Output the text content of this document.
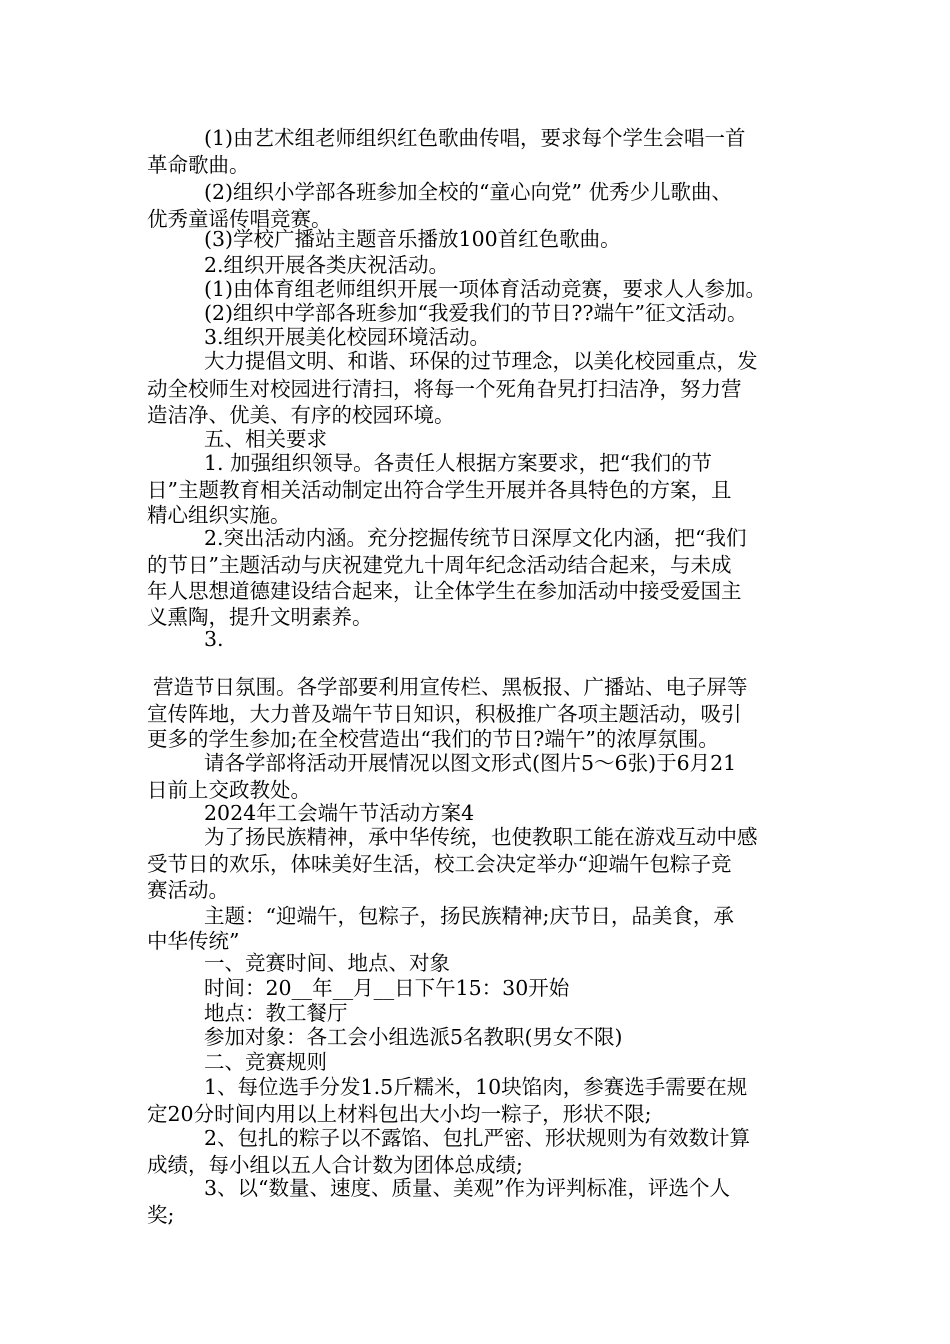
(1)由艺术组老师组织红色歌曲传唱，要求每个学生会唱一首
革命歌曲。
(2)组织小学部各班参加全校的“童心向党” 优秀少儿歌曲、
优秀童谣传唱竞赛。
(3)学校广播站主题音乐播放100首红色歌曲。
2.组织开展各类庆祝活动。
(1)由体育组老师组织开展一项体育活动竞赛，要求人人参加。
(2)组织中学部各班参加“我爱我们的节日??端午”征文活动。
3.组织开展美化校园环境活动。
大力提倡文明、和谐、环保的过节理念，以美化校园重点，发
动全校师生对校园进行清扫，将每一个死角旮旯打扫洁净，努力营
造洁净、优美、有序的校园环境。
五、相关要求
1. 加强组织领导。各责任人根据方案要求，把“我们的节
日”主题教育相关活动制定出符合学生开展并各具特色的方案，且
精心组织实施。
2.突出活动内涵。充分挖掘传统节日深厚文化内涵，把“我们
的节日”主题活动与庆祝建党九十周年纪念活动结合起来，与未成
年人思想道德建设结合起来，让全体学生在参加活动中接受爱国主
义熏陶，提升文明素养。
3.
营造节日氛围。各学部要利用宣传栏、黑板报、广播站、电子屏等
宣传阵地，大力普及端午节日知识，积极推广各项主题活动，吸引
更多的学生参加;在全校营造出“我们的节日?端午”的浓厚氛围。
请各学部将活动开展情况以图文形式(图片5～6张)于6月21
日前上交政教处。
2024年工会端午节活动方案4
为了扬民族精神，承中华传统，也使教职工能在游戏互动中感
受节日的欢乐，体味美好生活，校工会决定举办“迎端午包粽子竞
赛活动。
主题：“迎端午，包粽子，扬民族精神;庆节日，品美食，承
中华传统”
一、竞赛时间、地点、对象
时间：20__年__月__日下午15：30开始
地点：教工餐厅
参加对象：各工会小组选派5名教职(男女不限)
二、竞赛规则
1、每位选手分发1.5斤糯米，10块馅肉，参赛选手需要在规
定20分时间内用以上材料包出大小均一粽子，形状不限;
2、包扎的粽子以不露馅、包扎严密、形状规则为有效数计算
成绩，每小组以五人合计数为团体总成绩;
3、以“数量、速度、质量、美观”作为评判标准，评选个人
奖;
